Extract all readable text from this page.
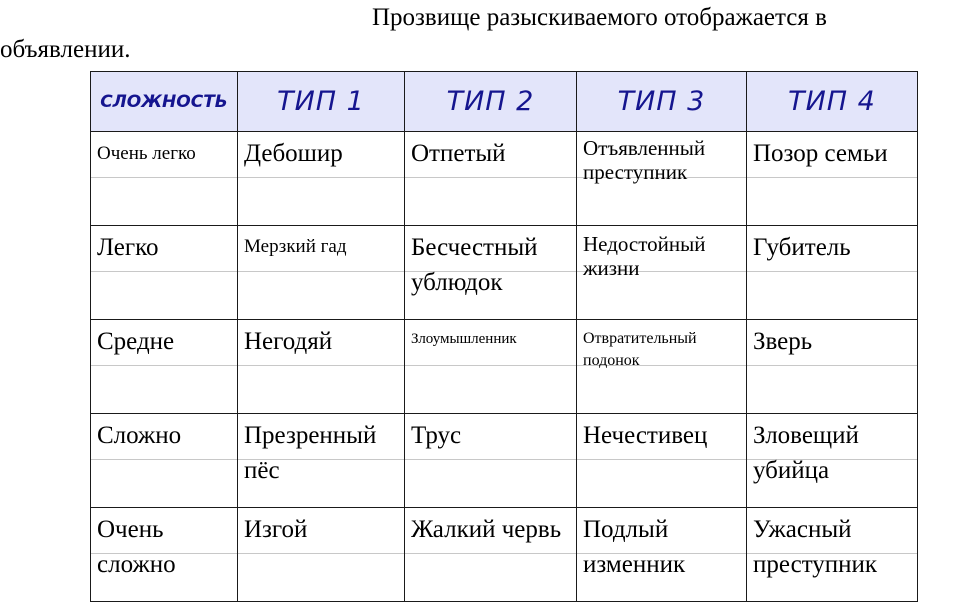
Прозвище разыскиваемого отображается в
объявлении.
СЛОЖНОСТЬ	ТИП 1	ТИП 2	ТИП 3	ТИП 4

Очень легко	Дебошир	Отпетый	Отъявленный преступник	Позор семьи

Легко	Мерзкий гад	Бесчестный ублюдок	Недостойный жизни	Губитель

Средне	Негодяй	Злоумышленник	Отвратительный подонок	Зверь

Сложно	Презренный пёс	Трус	Нечестивец	Зловещий убийца

Очень сложно	Изгой	Жалкий червь	Подлый изменник	Ужасный преступник
